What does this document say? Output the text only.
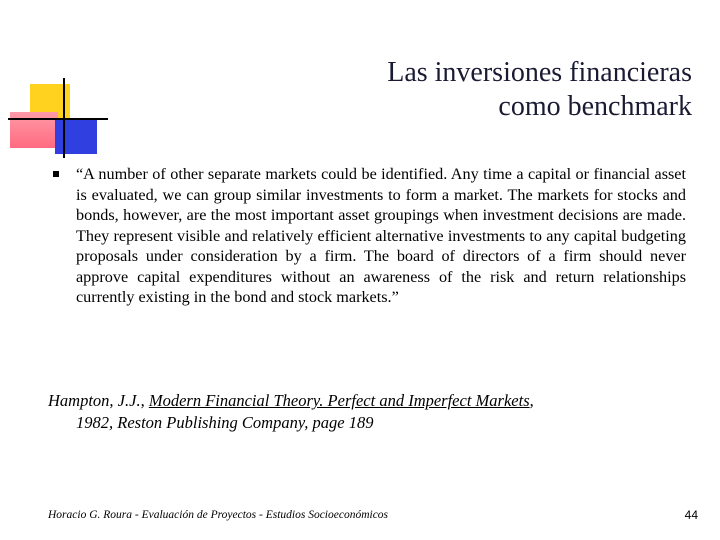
Las inversiones financieras
como benchmark
“A number of other separate markets could be identified. Any time a capital or financial asset is evaluated, we can group similar investments to form a market. The markets for stocks and bonds, however, are the most important asset groupings when investment decisions are made. They represent visible and relatively efficient alternative investments to any capital budgeting proposals under consideration by a firm. The board of directors of a firm should never approve capital expenditures without an awareness of the risk and return relationships currently existing in the bond and stock markets.”
Hampton, J.J., Modern Financial Theory. Perfect and Imperfect Markets,
1982, Reston Publishing Company, page 189
Horacio G. Roura - Evaluación de Proyectos - Estudios Socioeconómicos	44
